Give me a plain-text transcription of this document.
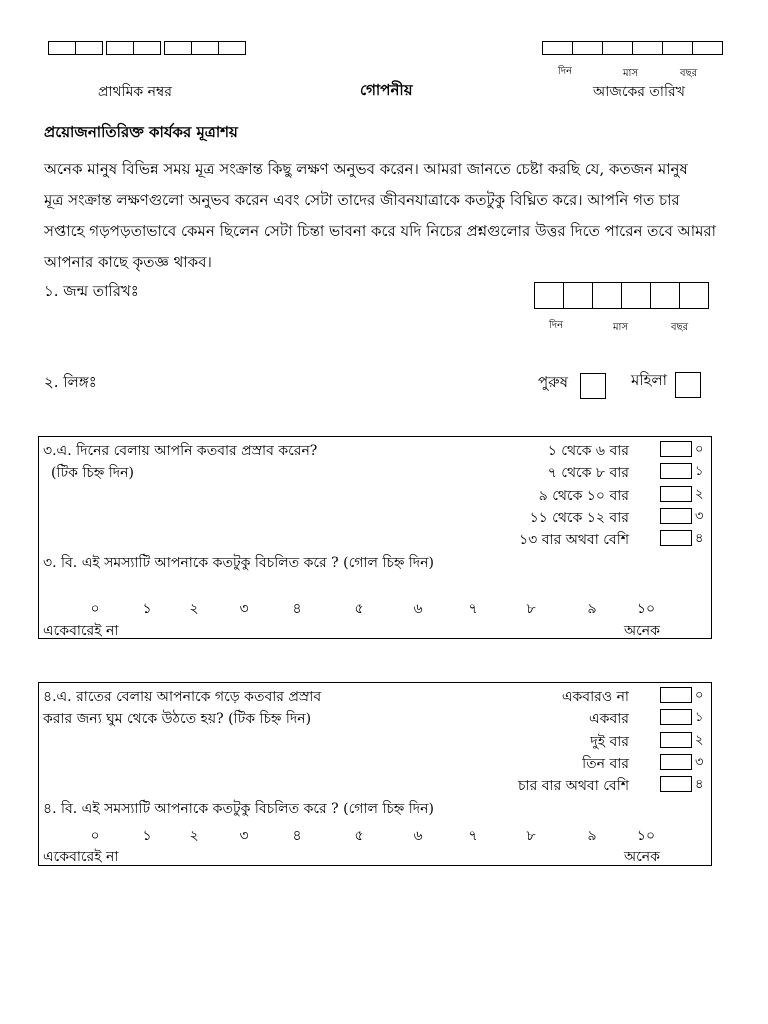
দিন	মাস	বছর
প্রাথমিক নম্বর	গোপনীয়	আজকের তারিখ
প্রয়োজনাতিরিক্ত কার্যকর মূত্রাশয়
অনেক মানুষ বিভিন্ন সময় মূত্র সংক্রান্ত কিছু লক্ষণ অনুভব করেন। আমরা জানতে চেষ্টা করছি যে, কতজন মানুষ
মূত্র সংক্রান্ত লক্ষণগুলো অনুভব করেন এবং সেটা তাদের জীবনযাত্রাকে কতটুকু বিঘ্নিত করে। আপনি গত চার
সপ্তাহে গড়পড়তাভাবে কেমন ছিলেন সেটা চিন্তা ভাবনা করে যদি নিচের প্রশ্নগুলোর উত্তর দিতে পারেন তবে আমরা
আপনার কাছে কৃতজ্ঞ থাকব।
১. জন্ম তারিখঃ
দিন	মাস	বছর
২. লিঙ্গঃ	পুরুষ	মহিলা
৩.এ. দিনের বেলায় আপনি কতবার প্রস্রাব করেন?
(টিক চিহ্ন দিন)
১ থেকে ৬ বার	০
৭ থেকে ৮ বার	১
৯ থেকে ১০ বার	২
১১ থেকে ১২ বার	৩
১৩ বার অথবা বেশি	৪
৩. বি. এই সমস্যাটি আপনাকে কতটুকু বিচলিত করে ? (গোল চিহ্ন দিন)
০	১	২	৩	৪	৫	৬	৭	৮	৯	১০
একেবারেই না	অনেক
৪.এ. রাতের বেলায় আপনাকে গড়ে কতবার প্রস্রাব
করার জন্য ঘুম থেকে উঠতে হয়? (টিক চিহ্ন দিন)
একবারও না	০
একবার	১
দুই বার	২
তিন বার	৩
চার বার অথবা বেশি	৪
৪. বি. এই সমস্যাটি আপনাকে কতটুকু বিচলিত করে ? (গোল চিহ্ন দিন)
০	১	২	৩	৪	৫	৬	৭	৮	৯	১০
একেবারেই না	অনেক
